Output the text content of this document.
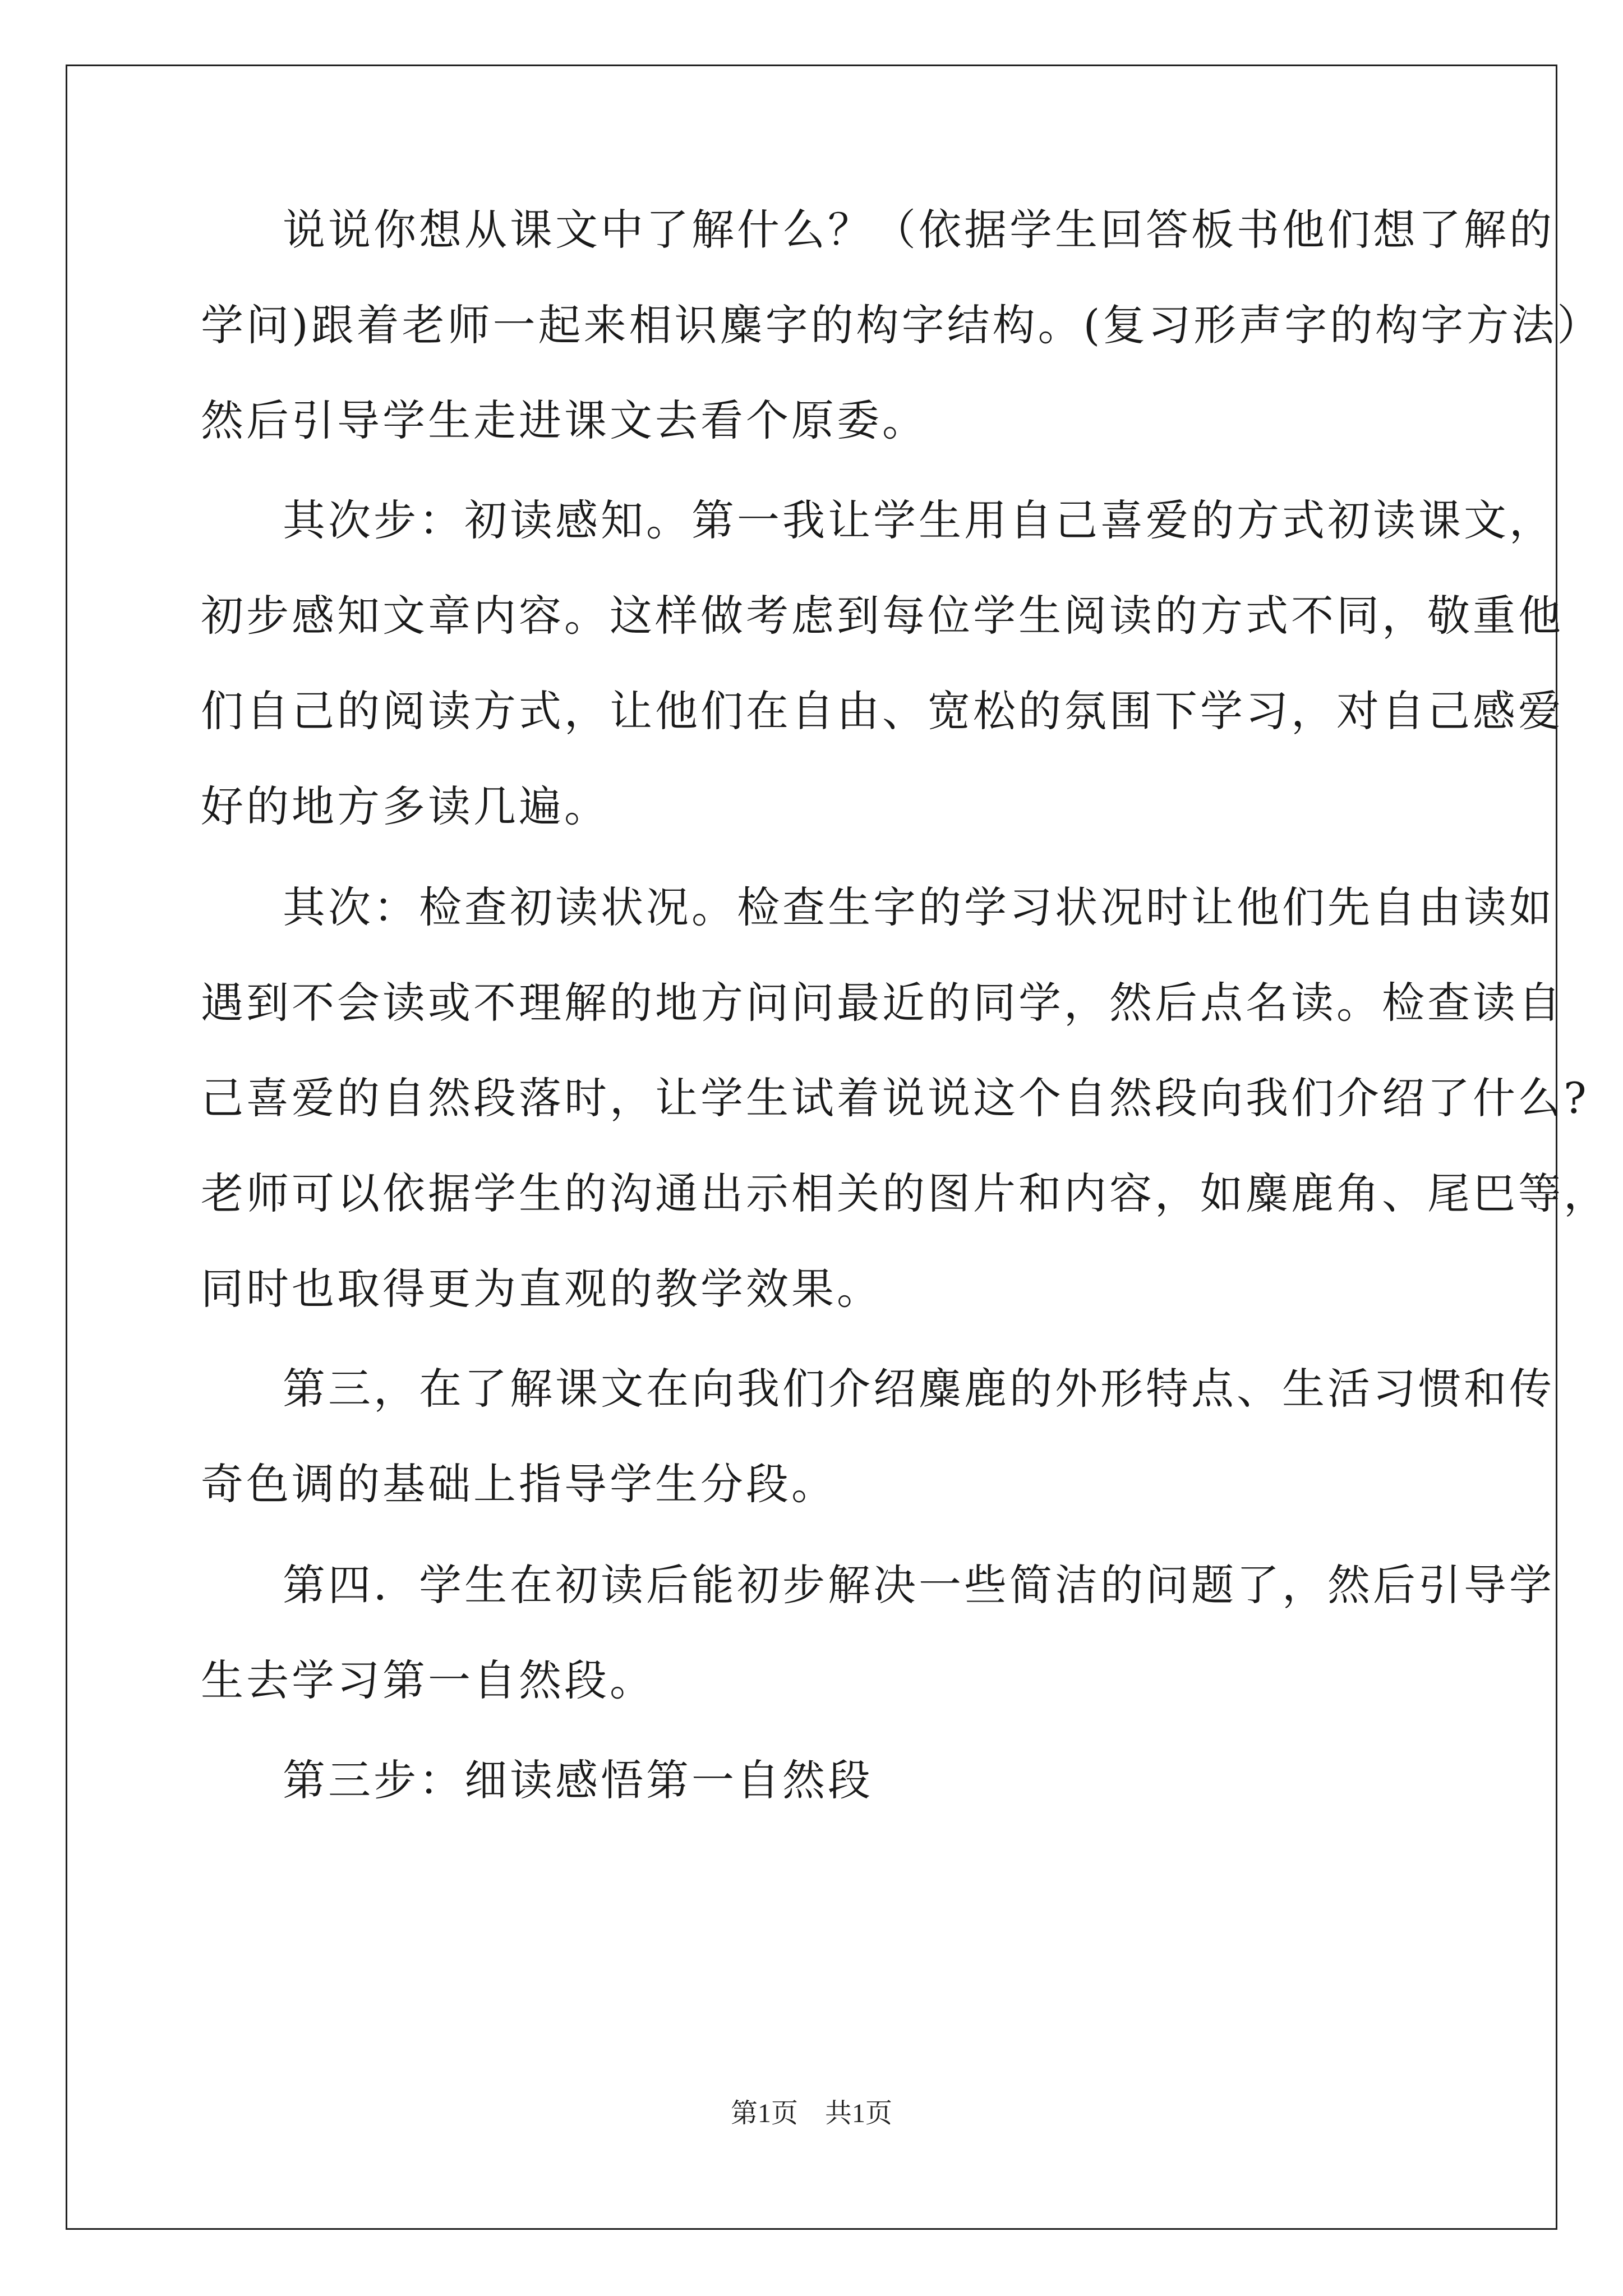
说说你想从课文中了解什么？（依据学生回答板书他们想了解的
学问)跟着老师一起来相识麋字的构字结构。(复习形声字的构字方法）
然后引导学生走进课文去看个原委。
其次步：初读感知。第一我让学生用自己喜爱的方式初读课文，
初步感知文章内容。这样做考虑到每位学生阅读的方式不同，敬重他
们自己的阅读方式，让他们在自由、宽松的氛围下学习，对自己感爱
好的地方多读几遍。
其次：检查初读状况。检查生字的学习状况时让他们先自由读如
遇到不会读或不理解的地方问问最近的同学，然后点名读。检查读自
己喜爱的自然段落时，让学生试着说说这个自然段向我们介绍了什么?
老师可以依据学生的沟通出示相关的图片和内容，如麋鹿角、尾巴等，
同时也取得更为直观的教学效果。
第三，在了解课文在向我们介绍麋鹿的外形特点、生活习惯和传
奇色调的基础上指导学生分段。
第四．学生在初读后能初步解决一些简洁的问题了，然后引导学
生去学习第一自然段。
第三步：细读感悟第一自然段
第1页　共1页
